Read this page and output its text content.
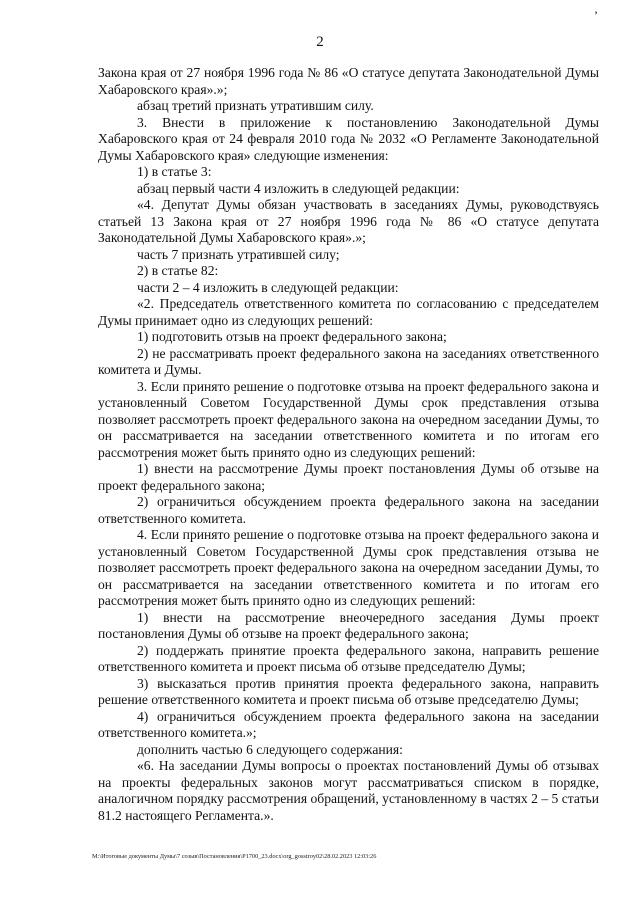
2
’

Закона края от 27 ноября 1996 года № 86 «О статусе депутата Законодательной Думы Хабаровского края».»;

абзац третий признать утратившим силу.

3. Внести в приложение к постановлению Законодательной Думы Хабаровского края от 24 февраля 2010 года № 2032 «О Регламенте Законодательной Думы Хабаровского края» следующие изменения:

1) в статье 3:

абзац первый части 4 изложить в следующей редакции:

«4. Депутат Думы обязан участвовать в заседаниях Думы, руководствуясь статьей 13 Закона края от 27 ноября 1996 года № 86 «О статусе депутата Законодательной Думы Хабаровского края».»;

часть 7 признать утратившей силу;

2) в статье 82:

части 2 – 4 изложить в следующей редакции:

«2. Председатель ответственного комитета по согласованию с председателем Думы принимает одно из следующих решений:

1) подготовить отзыв на проект федерального закона;

2) не рассматривать проект федерального закона на заседаниях ответственного комитета и Думы.

3. Если принято решение о подготовке отзыва на проект федерального закона и установленный Советом Государственной Думы срок представления отзыва позволяет рассмотреть проект федерального закона на очередном заседании Думы, то он рассматривается на заседании ответственного комитета и по итогам его рассмотрения может быть принято одно из следующих решений:

1) внести на рассмотрение Думы проект постановления Думы об отзыве на проект федерального закона;

2) ограничиться обсуждением проекта федерального закона на заседании ответственного комитета.

4. Если принято решение о подготовке отзыва на проект федерального закона и установленный Советом Государственной Думы срок представления отзыва не позволяет рассмотреть проект федерального закона на очередном заседании Думы, то он рассматривается на заседании ответственного комитета и по итогам его рассмотрения может быть принято одно из следующих решений:

1) внести на рассмотрение внеочередного заседания Думы проект постановления Думы об отзыве на проект федерального закона;

2) поддержать принятие проекта федерального закона, направить решение ответственного комитета и проект письма об отзыве председателю Думы;

3) высказаться против принятия проекта федерального закона, направить решение ответственного комитета и проект письма об отзыве председателю Думы;

4) ограничиться обсуждением проекта федерального закона на заседании ответственного комитета.»;

дополнить частью 6 следующего содержания:

«6. На заседании Думы вопросы о проектах постановлений Думы об отзывах на проекты федеральных законов могут рассматриваться списком в порядке, аналогичном порядку рассмотрения обращений, установленному в частях 2 – 5 статьи 81.2 настоящего Регламента.».

M:\Итоговые документы Думы\7 созыв\Постановления\Р1700_23.docx\org_gosstroy02\28.02.2023 12:03:26
